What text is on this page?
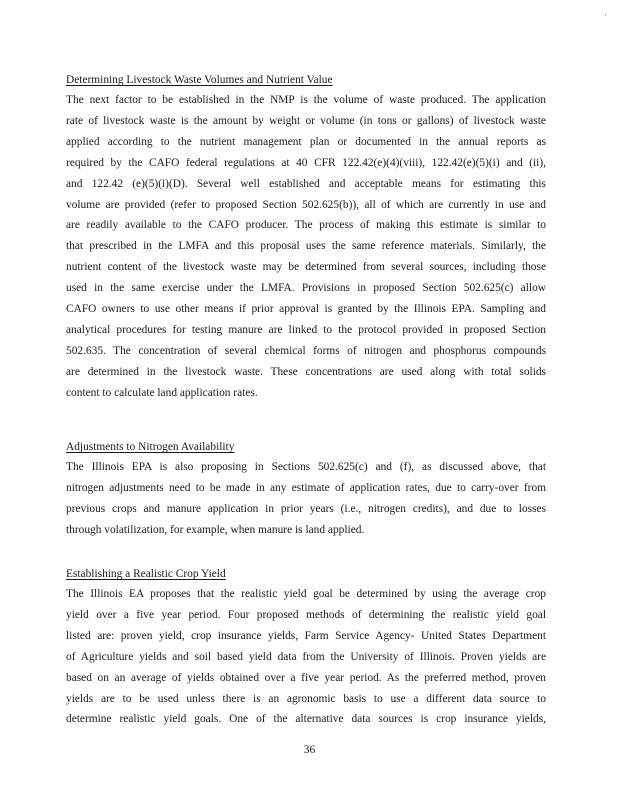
·
Determining Livestock Waste Volumes and Nutrient Value
The next factor to be established in the NMP is the volume of waste produced. The application
rate of livestock waste is the amount by weight or volume (in tons or gallons) of livestock waste
applied according to the nutrient management plan or documented in the annual reports as
required by the CAFO federal regulations at 40 CFR 122.42(e)(4)(viii), 122.42(e)(5)(i) and (ii),
and 122.42 (e)(5)(i)(D). Several well established and acceptable means for estimating this
volume are provided (refer to proposed Section 502.625(b)), all of which are currently in use and
are readily available to the CAFO producer. The process of making this estimate is similar to
that prescribed in the LMFA and this proposal uses the same reference materials. Similarly, the
nutrient content of the livestock waste may be determined from several sources, including those
used in the same exercise under the LMFA. Provisions in proposed Section 502.625(c) allow
CAFO owners to use other means if prior approval is granted by the Illinois EPA. Sampling and
analytical procedures for testing manure are linked to the protocol provided in proposed Section
502.635. The concentration of several chemical forms of nitrogen and phosphorus compounds
are determined in the livestock waste. These concentrations are used along with total solids
content to calculate land application rates.
Adjustments to Nitrogen Availability
The Illinois EPA is also proposing in Sections 502.625(c) and (f), as discussed above, that
nitrogen adjustments need to be made in any estimate of application rates, due to carry-over from
previous crops and manure application in prior years (i.e., nitrogen credits), and due to losses
through volatilization, for example, when manure is land applied.
Establishing a Realistic Crop Yield
The Illinois EA proposes that the realistic yield goal be determined by using the average crop
yield over a five year period. Four proposed methods of determining the realistic yield goal
listed are: proven yield, crop insurance yields, Farm Service Agency- United States Department
of Agriculture yields and soil based yield data from the University of Illinois. Proven yields are
based on an average of yields obtained over a five year period. As the preferred method, proven
yields are to be used unless there is an agronomic basis to use a different data source to
determine realistic yield goals. One of the alternative data sources is crop insurance yields,
36
